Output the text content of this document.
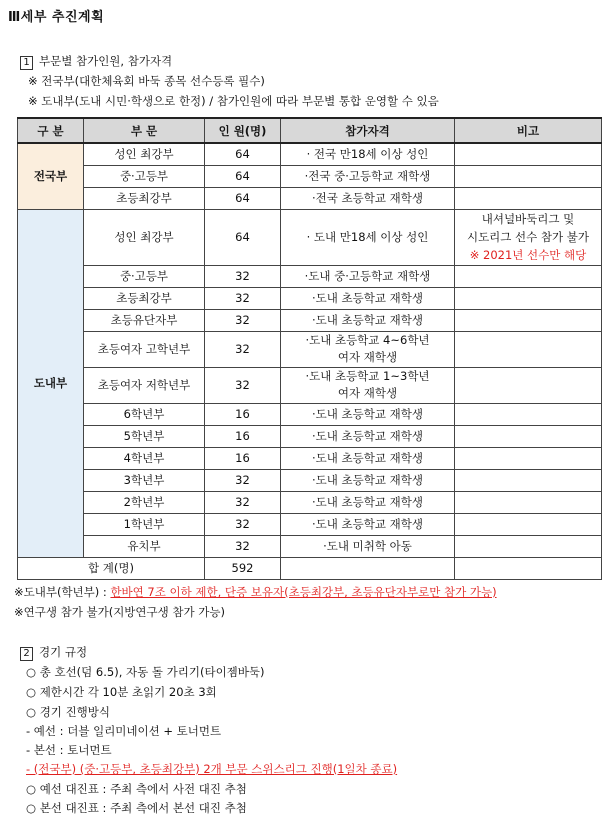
Ⅲ세부 추진계획
1 부문별 참가인원, 참가자격
※ 전국부(대한체육회 바둑 종목 선수등록 필수)
※ 도내부(도내 시민·학생으로 한정) / 참가인원에 따라 부문별 통합 운영할 수 있음
구 분	부 문	인 원(명)	참가자격	비고
전국부	성인 최강부	64	· 전국 만18세 이상 성인	
	중·고등부	64	·전국 중·고등학교 재학생	
	초등최강부	64	·전국 초등학교 재학생	
도내부	성인 최강부	64	· 도내 만18세 이상 성인	내셔널바둑리그 및
시도리그 선수 참가 불가
※ 2021년 선수만 해당

	중·고등부	32	·도내 중·고등학교 재학생	
	초등최강부	32	·도내 초등학교 재학생	
	초등유단자부	32	·도내 초등학교 재학생	
	초등여자 고학년부	32	·도내 초등학교 4~6학년
여자 재학생	

	초등여자 저학년부	32	·도내 초등학교 1~3학년
여자 재학생	

	6학년부	16	·도내 초등학교 재학생	
	5학년부	16	·도내 초등학교 재학생	
	4학년부	16	·도내 초등학교 재학생	
	3학년부	32	·도내 초등학교 재학생	
	2학년부	32	·도내 초등학교 재학생	
	1학년부	32	·도내 초등학교 재학생	
	유치부	32	·도내 미취학 아동	
합 계(명)		592		
※도내부(학년부) : 한바연 7조 이하 제한, 단증 보유자(초등최강부, 초등유단자부로만 참가 가능)
※연구생 참가 불가(지방연구생 참가 가능)
2 경기 규정
○ 총 호선(덤 6.5), 자동 돌 가리기(타이젬바둑)
○ 제한시간 각 10분 초읽기 20초 3회
○ 경기 진행방식
- 예선 : 더블 일리미네이션 + 토너먼트
- 본선 : 토너먼트
- (전국부) (중·고등부, 초등최강부) 2개 부문 스위스리그 진행(1일차 종료)
○ 예선 대진표 : 주최 측에서 사전 대진 추첨
○ 본선 대진표 : 주최 측에서 본선 대진 추첨
